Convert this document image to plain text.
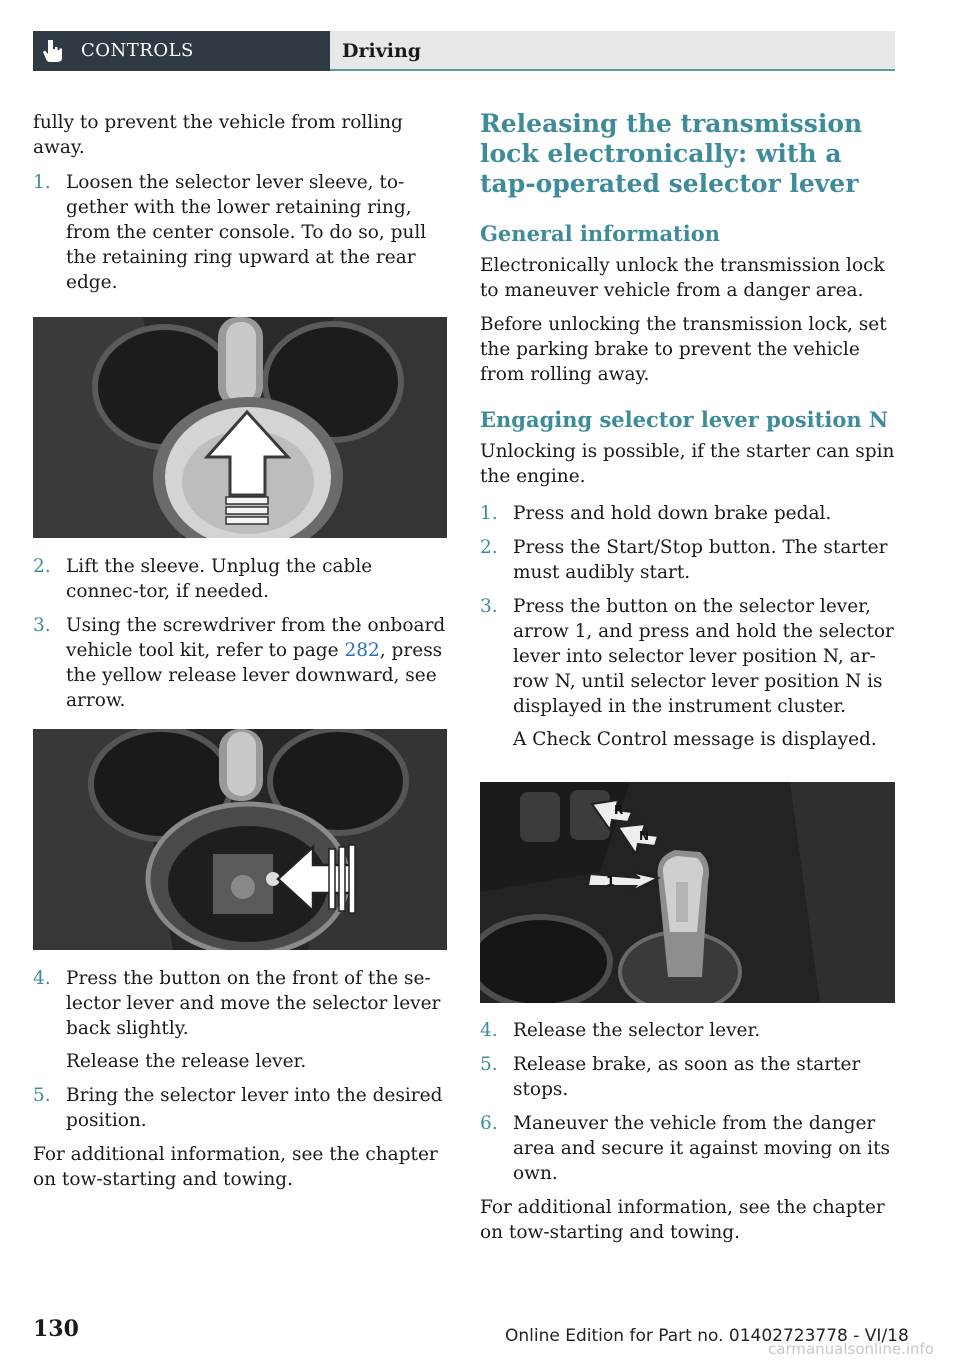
CONTROLS	Driving

fully to prevent the vehicle from rolling away.

1. Loosen the selector lever sleeve, to‐gether with the lower retaining ring, from the center console. To do so, pull the retaining ring upward at the rear edge.

2. Lift the sleeve. Unplug the cable connec‐tor, if needed.

3. Using the screwdriver from the onboard vehicle tool kit, refer to page 282, press the yellow release lever downward, see arrow.

4. Press the button on the front of the se‐lector lever and move the selector lever back slightly.

Release the release lever.

5. Bring the selector lever into the desired position.

For additional information, see the chapter on tow-starting and towing.

Releasing the transmission lock electronically: with a tap-operated selector lever
General information

Electronically unlock the transmission lock to maneuver vehicle from a danger area.

Before unlocking the transmission lock, set the parking brake to prevent the vehicle from rolling away.

Engaging selector lever position N

Unlocking is possible, if the starter can spin the engine.

1. Press and hold down brake pedal.

2. Press the Start/Stop button. The starter must audibly start.

3. Press the button on the selector lever, arrow 1, and press and hold the selector lever into selector lever position N, ar‐row N, until selector lever position N is displayed in the instrument cluster.

A Check Control message is displayed.

R
N
1
4. Release the selector lever.

5. Release brake, as soon as the starter stops.

6. Maneuver the vehicle from the danger area and secure it against moving on its own.

For additional information, see the chapter on tow-starting and towing.

130	Online Edition for Part no. 01402723778 - VI/18
carmanualsonline.info
